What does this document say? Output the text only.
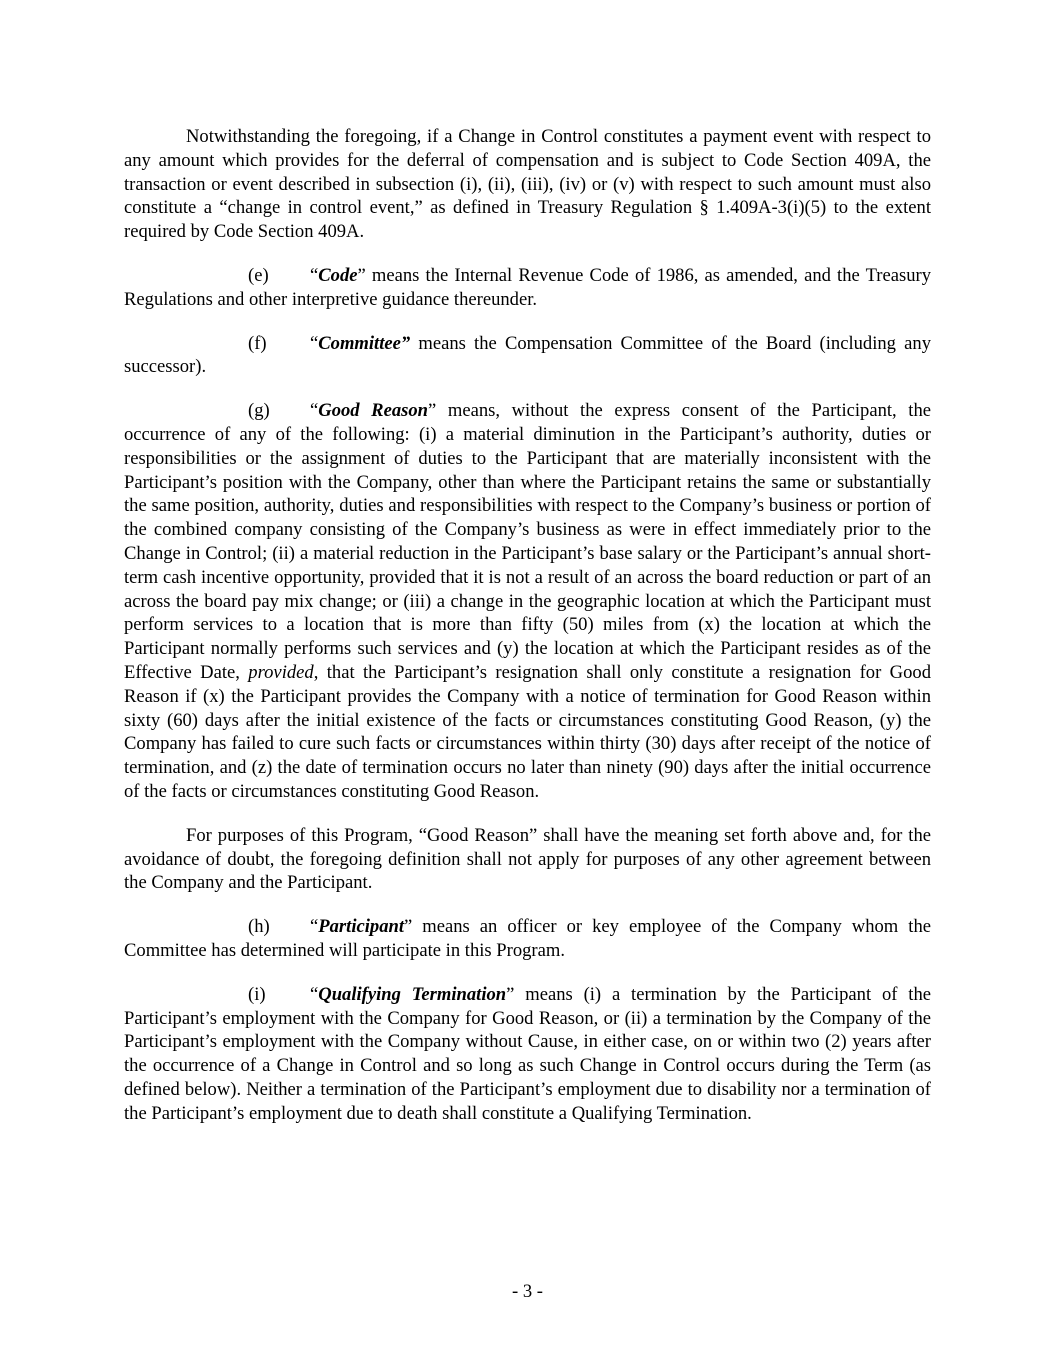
Notwithstanding the foregoing, if a Change in Control constitutes a payment event with respect to any amount which provides for the deferral of compensation and is subject to Code Section 409A, the transaction or event described in subsection (i), (ii), (iii), (iv) or (v) with respect to such amount must also constitute a “change in control event,” as defined in Treasury Regulation § 1.409A-3(i)(5) to the extent required by Code Section 409A.

(e) “Code” means the Internal Revenue Code of 1986, as amended, and the Treasury Regulations and other interpretive guidance thereunder.

(f) “Committee” means the Compensation Committee of the Board (including any successor).

(g) “Good Reason” means, without the express consent of the Participant, the occurrence of any of the following: (i) a material diminution in the Participant’s authority, duties or responsibilities or the assignment of duties to the Participant that are materially inconsistent with the Participant’s position with the Company, other than where the Participant retains the same or substantially the same position, authority, duties and responsibilities with respect to the Company’s business or portion of the combined company consisting of the Company’s business as were in effect immediately prior to the Change in Control; (ii) a material reduction in the Participant’s base salary or the Participant’s annual short-term cash incentive opportunity, provided that it is not a result of an across the board reduction or part of an across the board pay mix change; or (iii) a change in the geographic location at which the Participant must perform services to a location that is more than fifty (50) miles from (x) the location at which the Participant normally performs such services and (y) the location at which the Participant resides as of the Effective Date, provided, that the Participant’s resignation shall only constitute a resignation for Good Reason if (x) the Participant provides the Company with a notice of termination for Good Reason within sixty (60) days after the initial existence of the facts or circumstances constituting Good Reason, (y) the Company has failed to cure such facts or circumstances within thirty (30) days after receipt of the notice of termination, and (z) the date of termination occurs no later than ninety (90) days after the initial occurrence of the facts or circumstances constituting Good Reason.

For purposes of this Program, “Good Reason” shall have the meaning set forth above and, for the avoidance of doubt, the foregoing definition shall not apply for purposes of any other agreement between the Company and the Participant.

(h) “Participant” means an officer or key employee of the Company whom the Committee has determined will participate in this Program.

(i) “Qualifying Termination” means (i) a termination by the Participant of the Participant’s employment with the Company for Good Reason, or (ii) a termination by the Company of the Participant’s employment with the Company without Cause, in either case, on or within two (2) years after the occurrence of a Change in Control and so long as such Change in Control occurs during the Term (as defined below). Neither a termination of the Participant’s employment due to disability nor a termination of the Participant’s employment due to death shall constitute a Qualifying Termination.

- 3 -
